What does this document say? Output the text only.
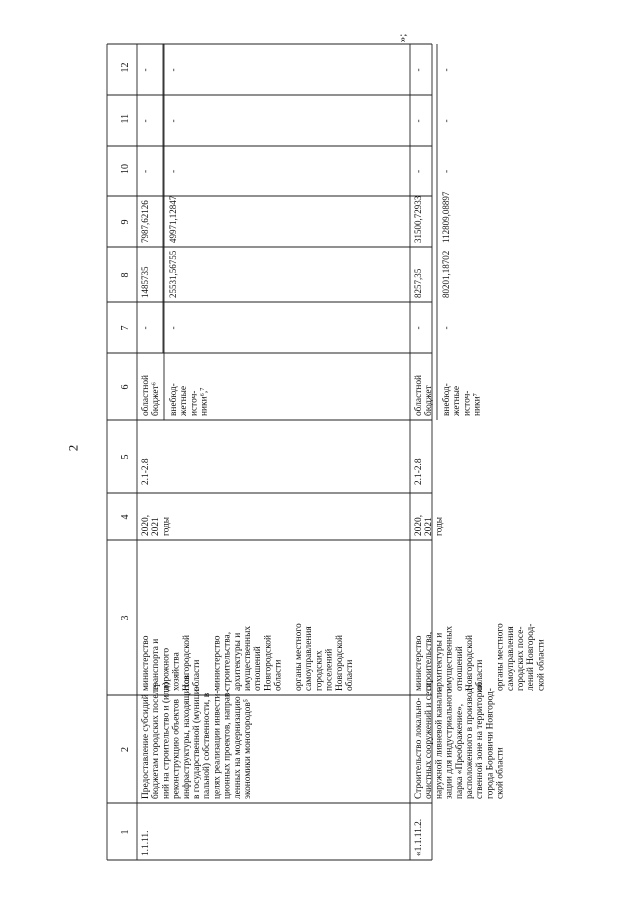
2
»;
1
2
3
4
5
6
7
8
9
10
11
12
1.1.11.
Предоставление субсидий бюджетам городских поселе- ний на строительство и (или) реконструкцию объектов инфраструктуры, находящихся в государственной (муници- пальной) собственности, в целях реализации инвести- ционных проектов, направ- ленных на модернизацию экономики моногородов⁵
министерство транспорта и дорожного хозяйства Новгородской области министерство строительства, архитектуры и имущественных отношений Новгородской области органы местного самоуправления городских поселений Новгородской области
2020, 2021 годы
2.1-2.8
областной бюджет⁶
-
1485735
7987,62126
-
-
-
внебюд- жетные источ- ники⁶,⁷
-
25531,56755
49971,12847
-
-
-
«1.1.11.2.
Строительство локально- очистных сооружений и сети наружной ливневой канали- зации для индустриального парка «Преображение», расположенного в производ- ственной зоне на территории города Боровичи Новгород- ской области
министерство строительства, архитектуры и имущественных отношений Новгородской области органы местного самоуправления городских посе- лений Новгород- ской области
2020, 2021 годы
2.1-2.8
областной бюджет
-
8257,35
31500,72933
-
-
-
внебюд- жетные источ- ники⁷
-
80201,18702
112809,08897
-
-
-
